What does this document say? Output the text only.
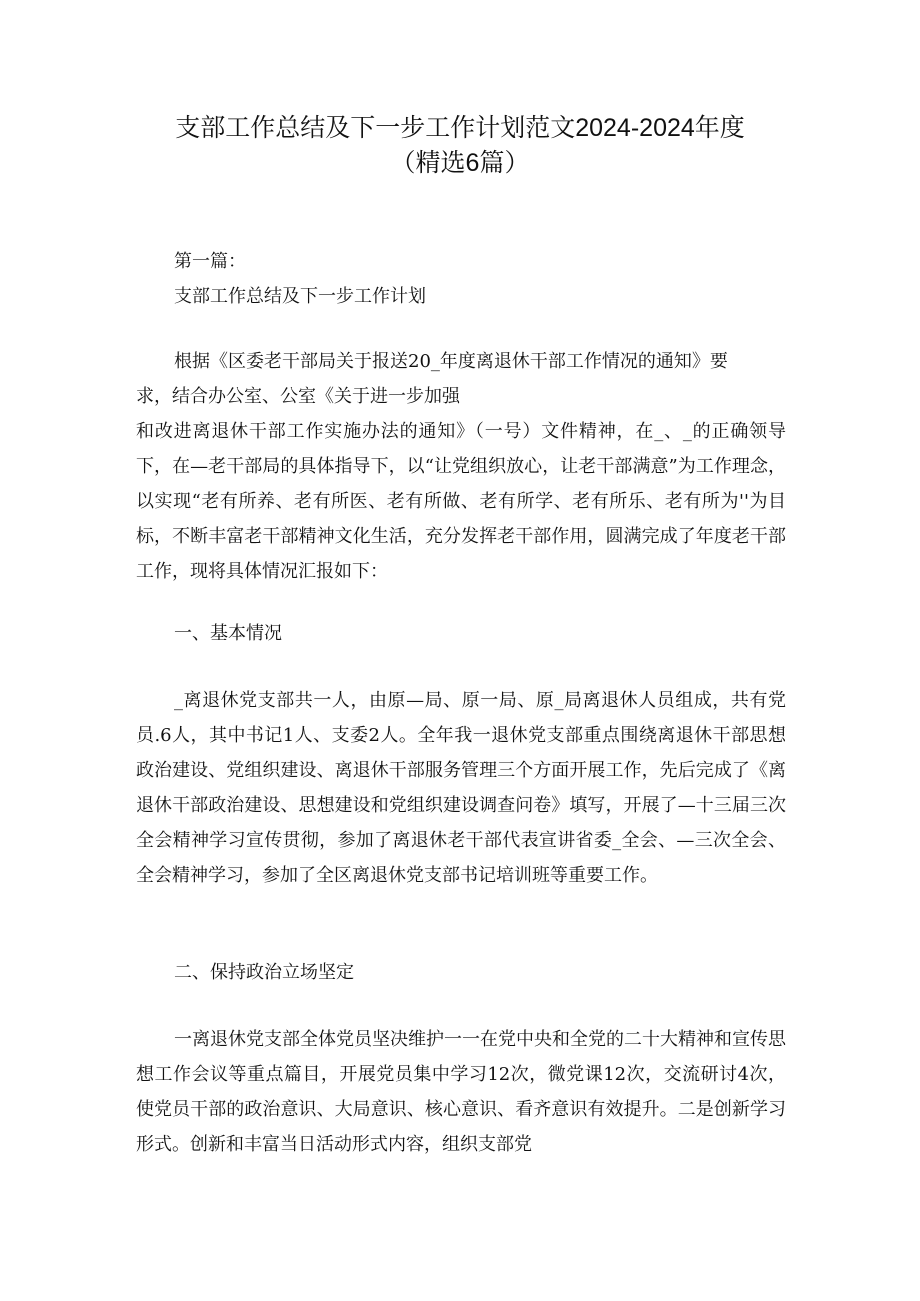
支部工作总结及下一步工作计划范文2024-2024年度
（精选6篇）
第一篇：
支部工作总结及下一步工作计划
根据《区委老干部局关于报送20_年度离退休干部工作情况的通知》要
求，结合办公室、公室《关于进一步加强
和改进离退休干部工作实施办法的通知》（一号）文件精神，在_、_的正确领导下，在—老干部局的具体指导下，以“让党组织放心，让老干部满意”为工作理念，以实现“老有所养、老有所医、老有所做、老有所学、老有所乐、老有所为''为目标，不断丰富老干部精神文化生活，充分发挥老干部作用，圆满完成了年度老干部工作，现将具体情况汇报如下：
一、基本情况
_离退休党支部共一人，由原—局、原一局、原_局离退休人员组成，共有党员.6人，其中书记1人、支委2人。全年我一退休党支部重点围绕离退休干部思想政治建设、党组织建设、离退休干部服务管理三个方面开展工作，先后完成了《离退休干部政治建设、思想建设和党组织建设调查问卷》填写，开展了—十三届三次全会精神学习宣传贯彻，参加了离退休老干部代表宣讲省委_全会、—三次全会、全会精神学习，参加了全区离退休党支部书记培训班等重要工作。
二、保持政治立场坚定
一离退休党支部全体党员坚决维护一一在党中央和全党的二十大精神和宣传思想工作会议等重点篇目，开展党员集中学习12次，微党课12次，交流研讨4次，使党员干部的政治意识、大局意识、核心意识、看齐意识有效提升。二是创新学习形式。创新和丰富当日活动形式内容，组织支部党
